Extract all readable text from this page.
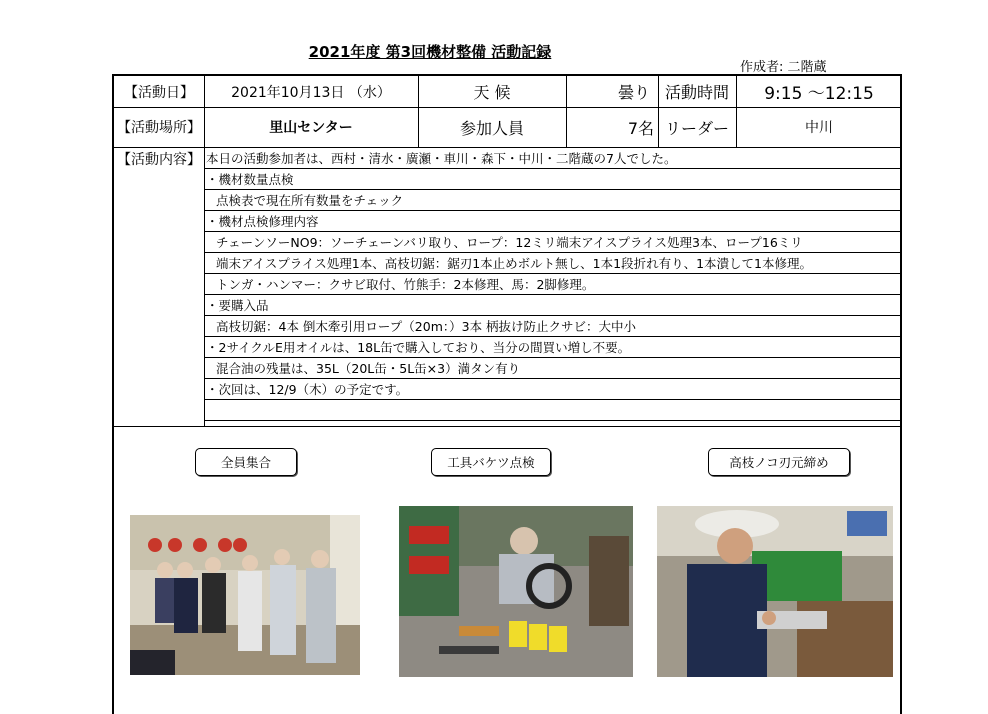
2021年度 第3回機材整備 活動記録
作成者: 二階蔵
【活動日】	2021年10月13日 （水）	天 候	曇り 活動時間	9:15 〜12:15
【活動場所】	里山センター	参加人員	7名 リーダー	中川
【活動内容】 本日の活動参加者は、西村・清水・廣瀬・車川・森下・中川・二階蔵の7人でした。
・機材数量点検
点検表で現在所有数量をチェック
・機材点検修理内容
チェーンソーNO9：ソーチェーンバリ取り、ロープ：12ミリ端末アイスプライス処理3本、ロープ16ミリ
端末アイスプライス処理1本、高枝切鋸：鋸刃1本止めボルト無し、1本1段折れ有り、1本潰して1本修理。
トンガ・ハンマー：クサビ取付、竹熊手：2本修理、馬：2脚修理。
・要購入品
高枝切鋸：4本 倒木牽引用ロープ（20m：）3本 柄抜け防止クサビ：大中小
・2サイクルE用オイルは、18L缶で購入しており、当分の間買い増し不要。
混合油の残量は、35L（20L缶・5L缶×3）満タン有り
・次回は、12/9（木）の予定です。
全員集合	工具バケツ点検	高枝ノコ刃元締め
